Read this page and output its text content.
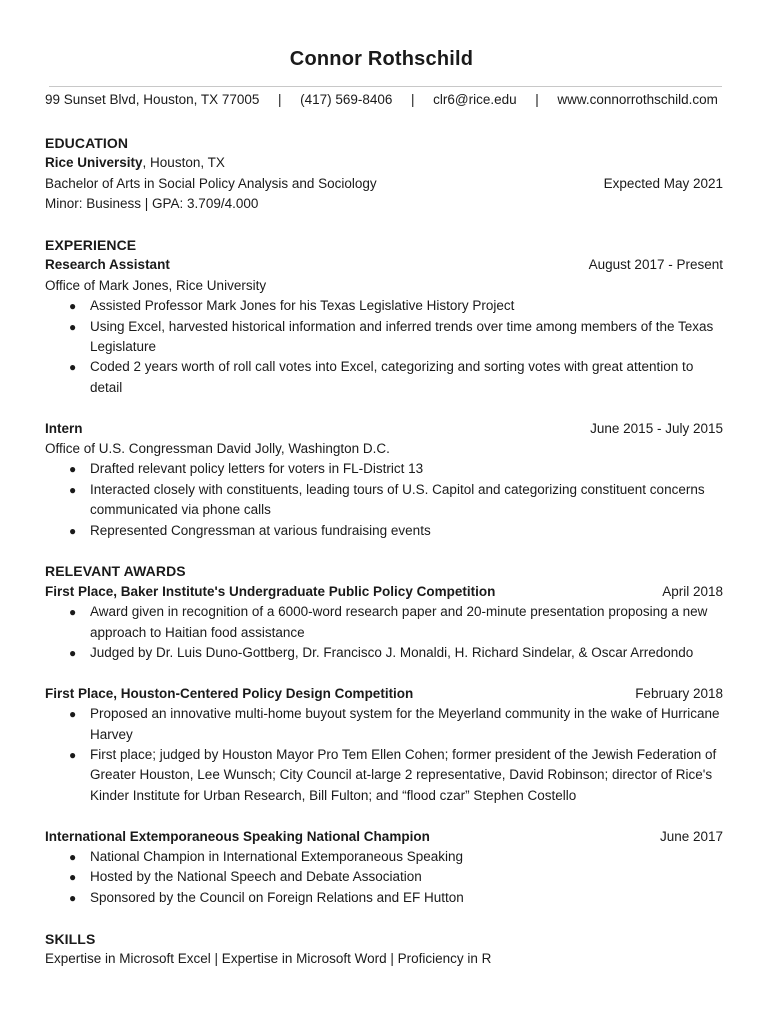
Connor Rothschild
99 Sunset Blvd, Houston, TX 77005 | (417) 569-8406 | clr6@rice.edu | www.connorrothschild.com
EDUCATION
Rice University, Houston, TX
Bachelor of Arts in Social Policy Analysis and Sociology	Expected May 2021
Minor: Business | GPA: 3.709/4.000
EXPERIENCE
Research Assistant	August 2017 - Present
Office of Mark Jones, Rice University
● Assisted Professor Mark Jones for his Texas Legislative History Project
● Using Excel, harvested historical information and inferred trends over time among members of the Texas Legislature
● Coded 2 years worth of roll call votes into Excel, categorizing and sorting votes with great attention to detail
Intern	June 2015 - July 2015
Office of U.S. Congressman David Jolly, Washington D.C.
● Drafted relevant policy letters for voters in FL-District 13
● Interacted closely with constituents, leading tours of U.S. Capitol and categorizing constituent concerns communicated via phone calls
● Represented Congressman at various fundraising events
RELEVANT AWARDS
First Place, Baker Institute's Undergraduate Public Policy Competition	April 2018
● Award given in recognition of a 6000-word research paper and 20-minute presentation proposing a new approach to Haitian food assistance
● Judged by Dr. Luis Duno-Gottberg, Dr. Francisco J. Monaldi, H. Richard Sindelar, & Oscar Arredondo
First Place, Houston-Centered Policy Design Competition	February 2018
● Proposed an innovative multi-home buyout system for the Meyerland community in the wake of Hurricane Harvey
● First place; judged by Houston Mayor Pro Tem Ellen Cohen; former president of the Jewish Federation of Greater Houston, Lee Wunsch; City Council at-large 2 representative, David Robinson; director of Rice's Kinder Institute for Urban Research, Bill Fulton; and “flood czar” Stephen Costello
International Extemporaneous Speaking National Champion	June 2017
● National Champion in International Extemporaneous Speaking
● Hosted by the National Speech and Debate Association
● Sponsored by the Council on Foreign Relations and EF Hutton
SKILLS
Expertise in Microsoft Excel | Expertise in Microsoft Word | Proficiency in R
